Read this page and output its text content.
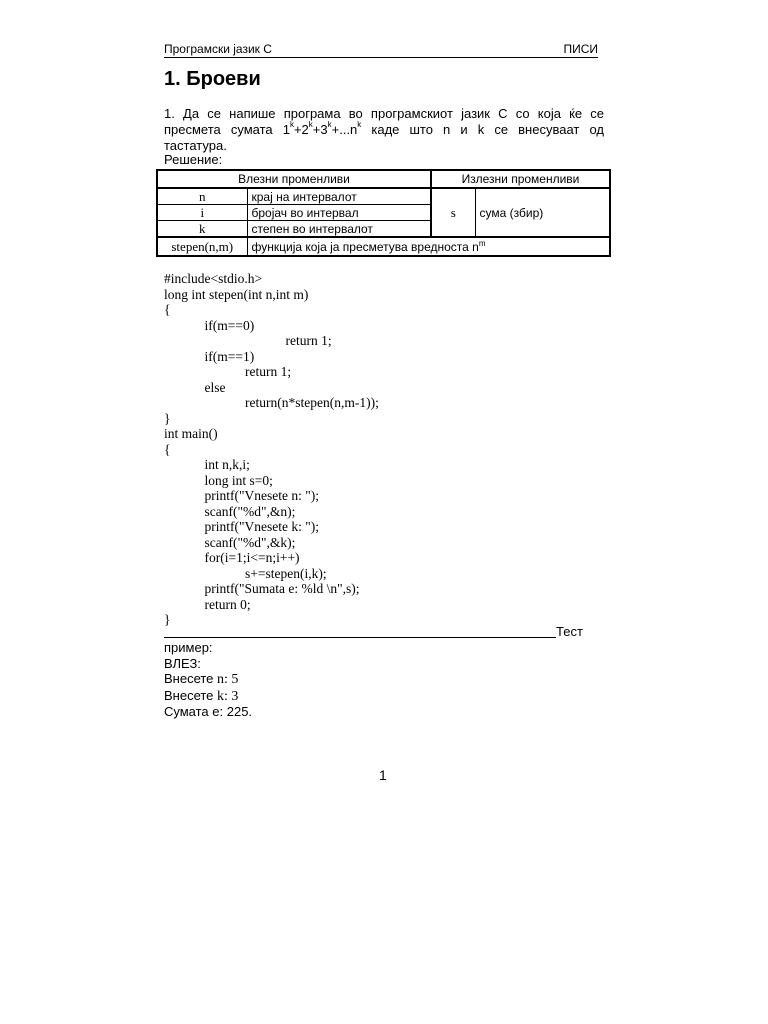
Програмски јазик C	ПИСИ
1. Броеви
1. Да се напише програма во програмскиот јазик C со која ќе се
пресмета сумата $1^k+2^k+3^k+...n^k$ каде што n и k се внесуваат од
тастатура.
Решение:
Влезни променливи		Излезни променливи	
n	крај на интервалот	s	сума (збир)
i	бројач во интервал		
k	степен во интервалот		
stepen(n,m)	функција која ја пресметува вредноста $n^m$
#include<stdio.h>
long int stepen(int n,int m)
{
if(m==0)
return 1;
if(m==1)
return 1;
else
return(n*stepen(n,m-1));
}
int main()
{
int n,k,i;
long int s=0;
printf("Vnesete n: ");
scanf("%d",&n);
printf("Vnesete k: ");
scanf("%d",&k);
for(i=1;i<=n;i++)
s+=stepen(i,k);
printf("Sumata e: %ld \n",s);
return 0;
}
Тест
пример:
ВЛЕЗ:
Внесете n: 5
Внесете k: 3
Сумата е: 225.
1
